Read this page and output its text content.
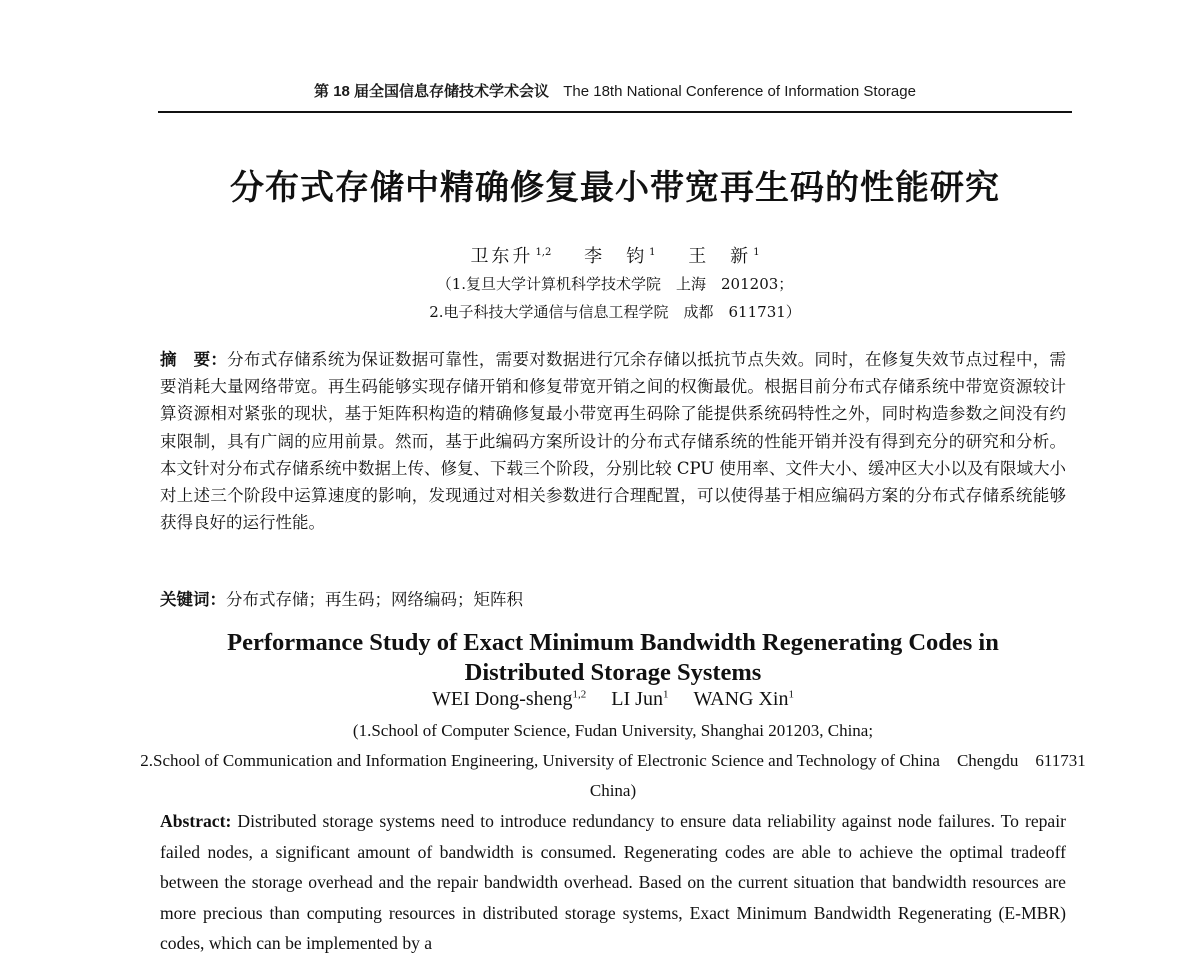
第 18 届全国信息存储技术学术会议 The 18th National Conference of Information Storage
分布式存储中精确修复最小带宽再生码的性能研究
卫东升 $^{1,2}$ 李　钧 $^1$ 王　新 $^1$
（1.复旦大学计算机科学技术学院　上海　201203；
2.电子科技大学通信与信息工程学院　成都　611731）
摘　要：分布式存储系统为保证数据可靠性，需要对数据进行冗余存储以抵抗节点失效。同时，在修复失效节点过程中，需要消耗大量网络带宽。再生码能够实现存储开销和修复带宽开销之间的权衡最优。根据目前分布式存储系统中带宽资源较计算资源相对紧张的现状，基于矩阵积构造的精确修复最小带宽再生码除了能提供系统码特性之外，同时构造参数之间没有约束限制，具有广阔的应用前景。然而，基于此编码方案所设计的分布式存储系统的性能开销并没有得到充分的研究和分析。本文针对分布式存储系统中数据上传、修复、下载三个阶段，分别比较 CPU 使用率、文件大小、缓冲区大小以及有限域大小对上述三个阶段中运算速度的影响，发现通过对相关参数进行合理配置，可以使得基于相应编码方案的分布式存储系统能够获得良好的运行性能。
关键词：分布式存储；再生码；网络编码；矩阵积
Performance Study of Exact Minimum Bandwidth Regenerating Codes in
Distributed Storage Systems
WEI Dong-sheng$^{1,2}$ LI Jun$^1$ WANG Xin$^1$
(1.School of Computer Science, Fudan University, Shanghai 201203, China;
2.School of Communication and Information Engineering, University of Electronic Science and Technology of China　Chengdu　611731　China)
Abstract: Distributed storage systems need to introduce redundancy to ensure data reliability against node failures. To repair failed nodes, a significant amount of bandwidth is consumed. Regenerating codes are able to achieve the optimal tradeoff between the storage overhead and the repair bandwidth overhead. Based on the current situation that bandwidth resources are more precious than computing resources in distributed storage systems, Exact Minimum Bandwidth Regenerating (E-MBR) codes, which can be implemented by a
